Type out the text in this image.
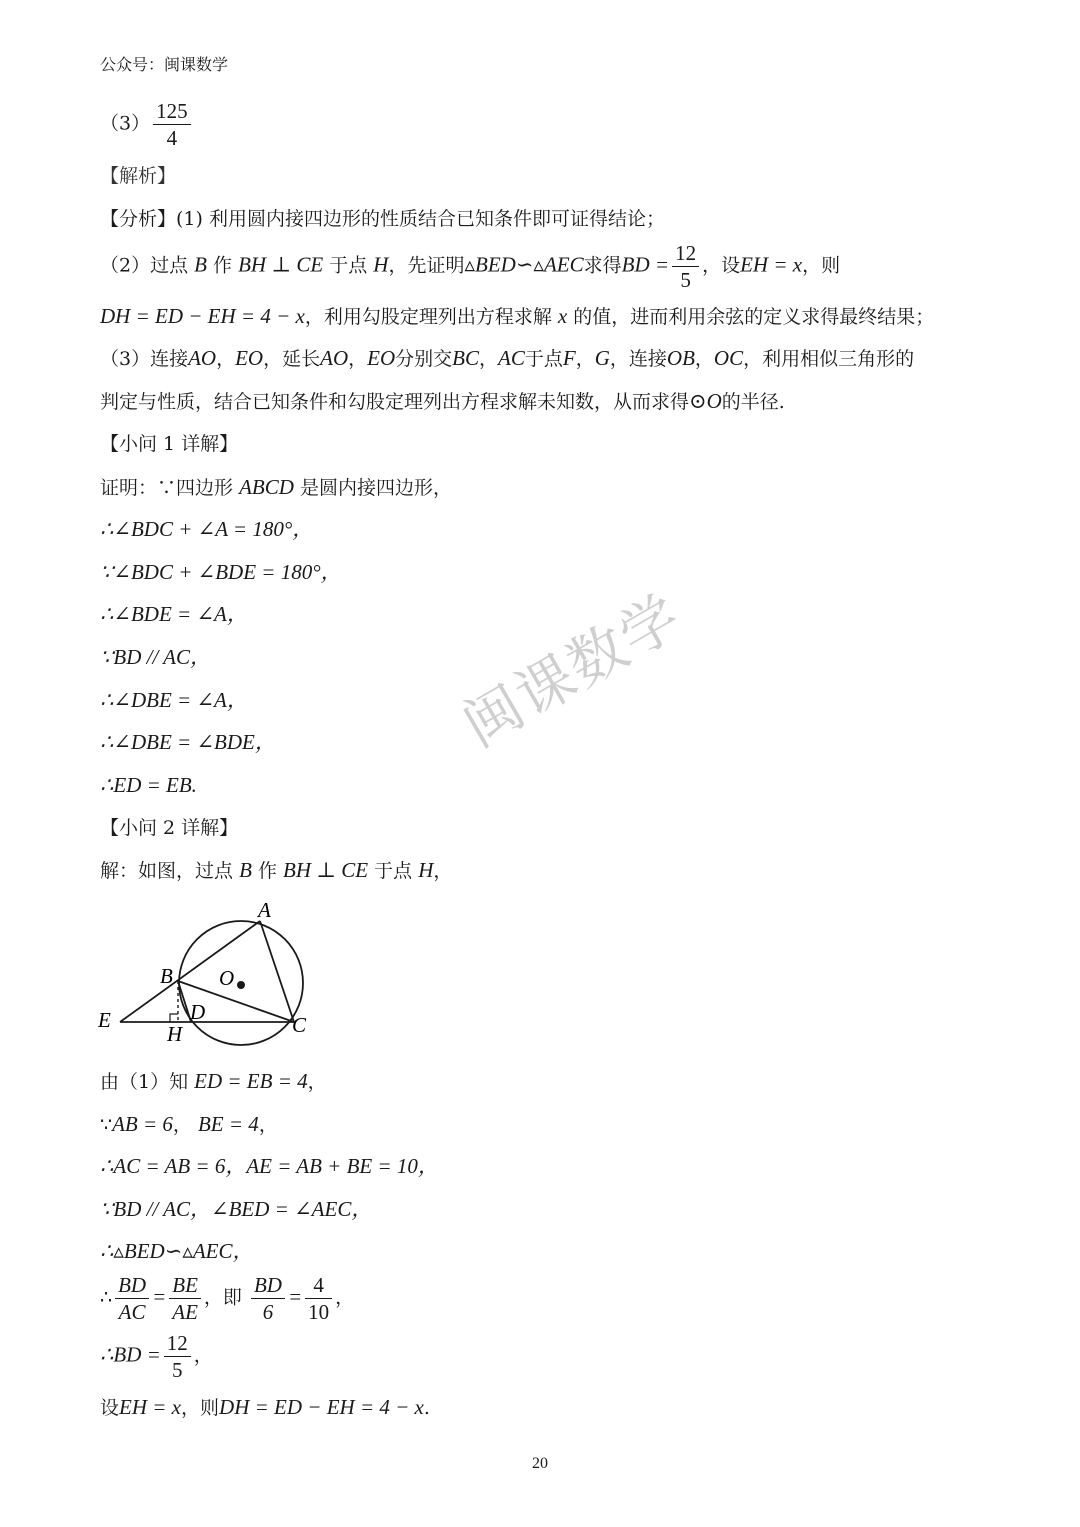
公众号：闽课数学
$(3) \frac{125}{4}$
【解析】
【分析】(1) 利用圆内接四边形的性质结合已知条件即可证得结论；
（2）过点 B 作 BH ⊥ CE 于点 H，先证明▵BED∽▵AEC求得BD = $\frac{12}{5}$ ，设EH = x，则
DH = ED − EH = 4 − x，利用勾股定理列出方程求解 x 的值，进而利用余弦的定义求得最终结果；
（3）连接AO，EO，延长AO，EO分别交BC，AC于点F，G，连接OB，OC，利用相似三角形的
判定与性质，结合已知条件和勾股定理列出方程求解未知数，从而求得⊙O的半径.
【小问 1 详解】
证明：∵四边形 ABCD 是圆内接四边形，
∴∠BDC + ∠A = 180°，
∵∠BDC + ∠BDE = 180°，
∴∠BDE = ∠A，
∵BD // AC，
∴∠DBE = ∠A，
∴∠DBE = ∠BDE，
∴ED = EB.
【小问 2 详解】
解：如图，过点 B 作 BH ⊥ CE 于点 H，
A
B O
D
E
H	C
由（1）知 ED = EB = 4，
∵AB = 6， BE = 4，
∴AC = AB = 6，AE = AB + BE = 10，
∵BD // AC，∠BED = ∠AEC，
∴▵BED∽▵AEC，
∴ $\frac{BD}{AC} = \frac{BE}{AE}$ ，即 $\frac{BD}{6} = \frac{4}{10}$ ，
∴BD = $\frac{12}{5}$ ，
设EH = x，则DH = ED − EH = 4 − x.
闽课数学
20
